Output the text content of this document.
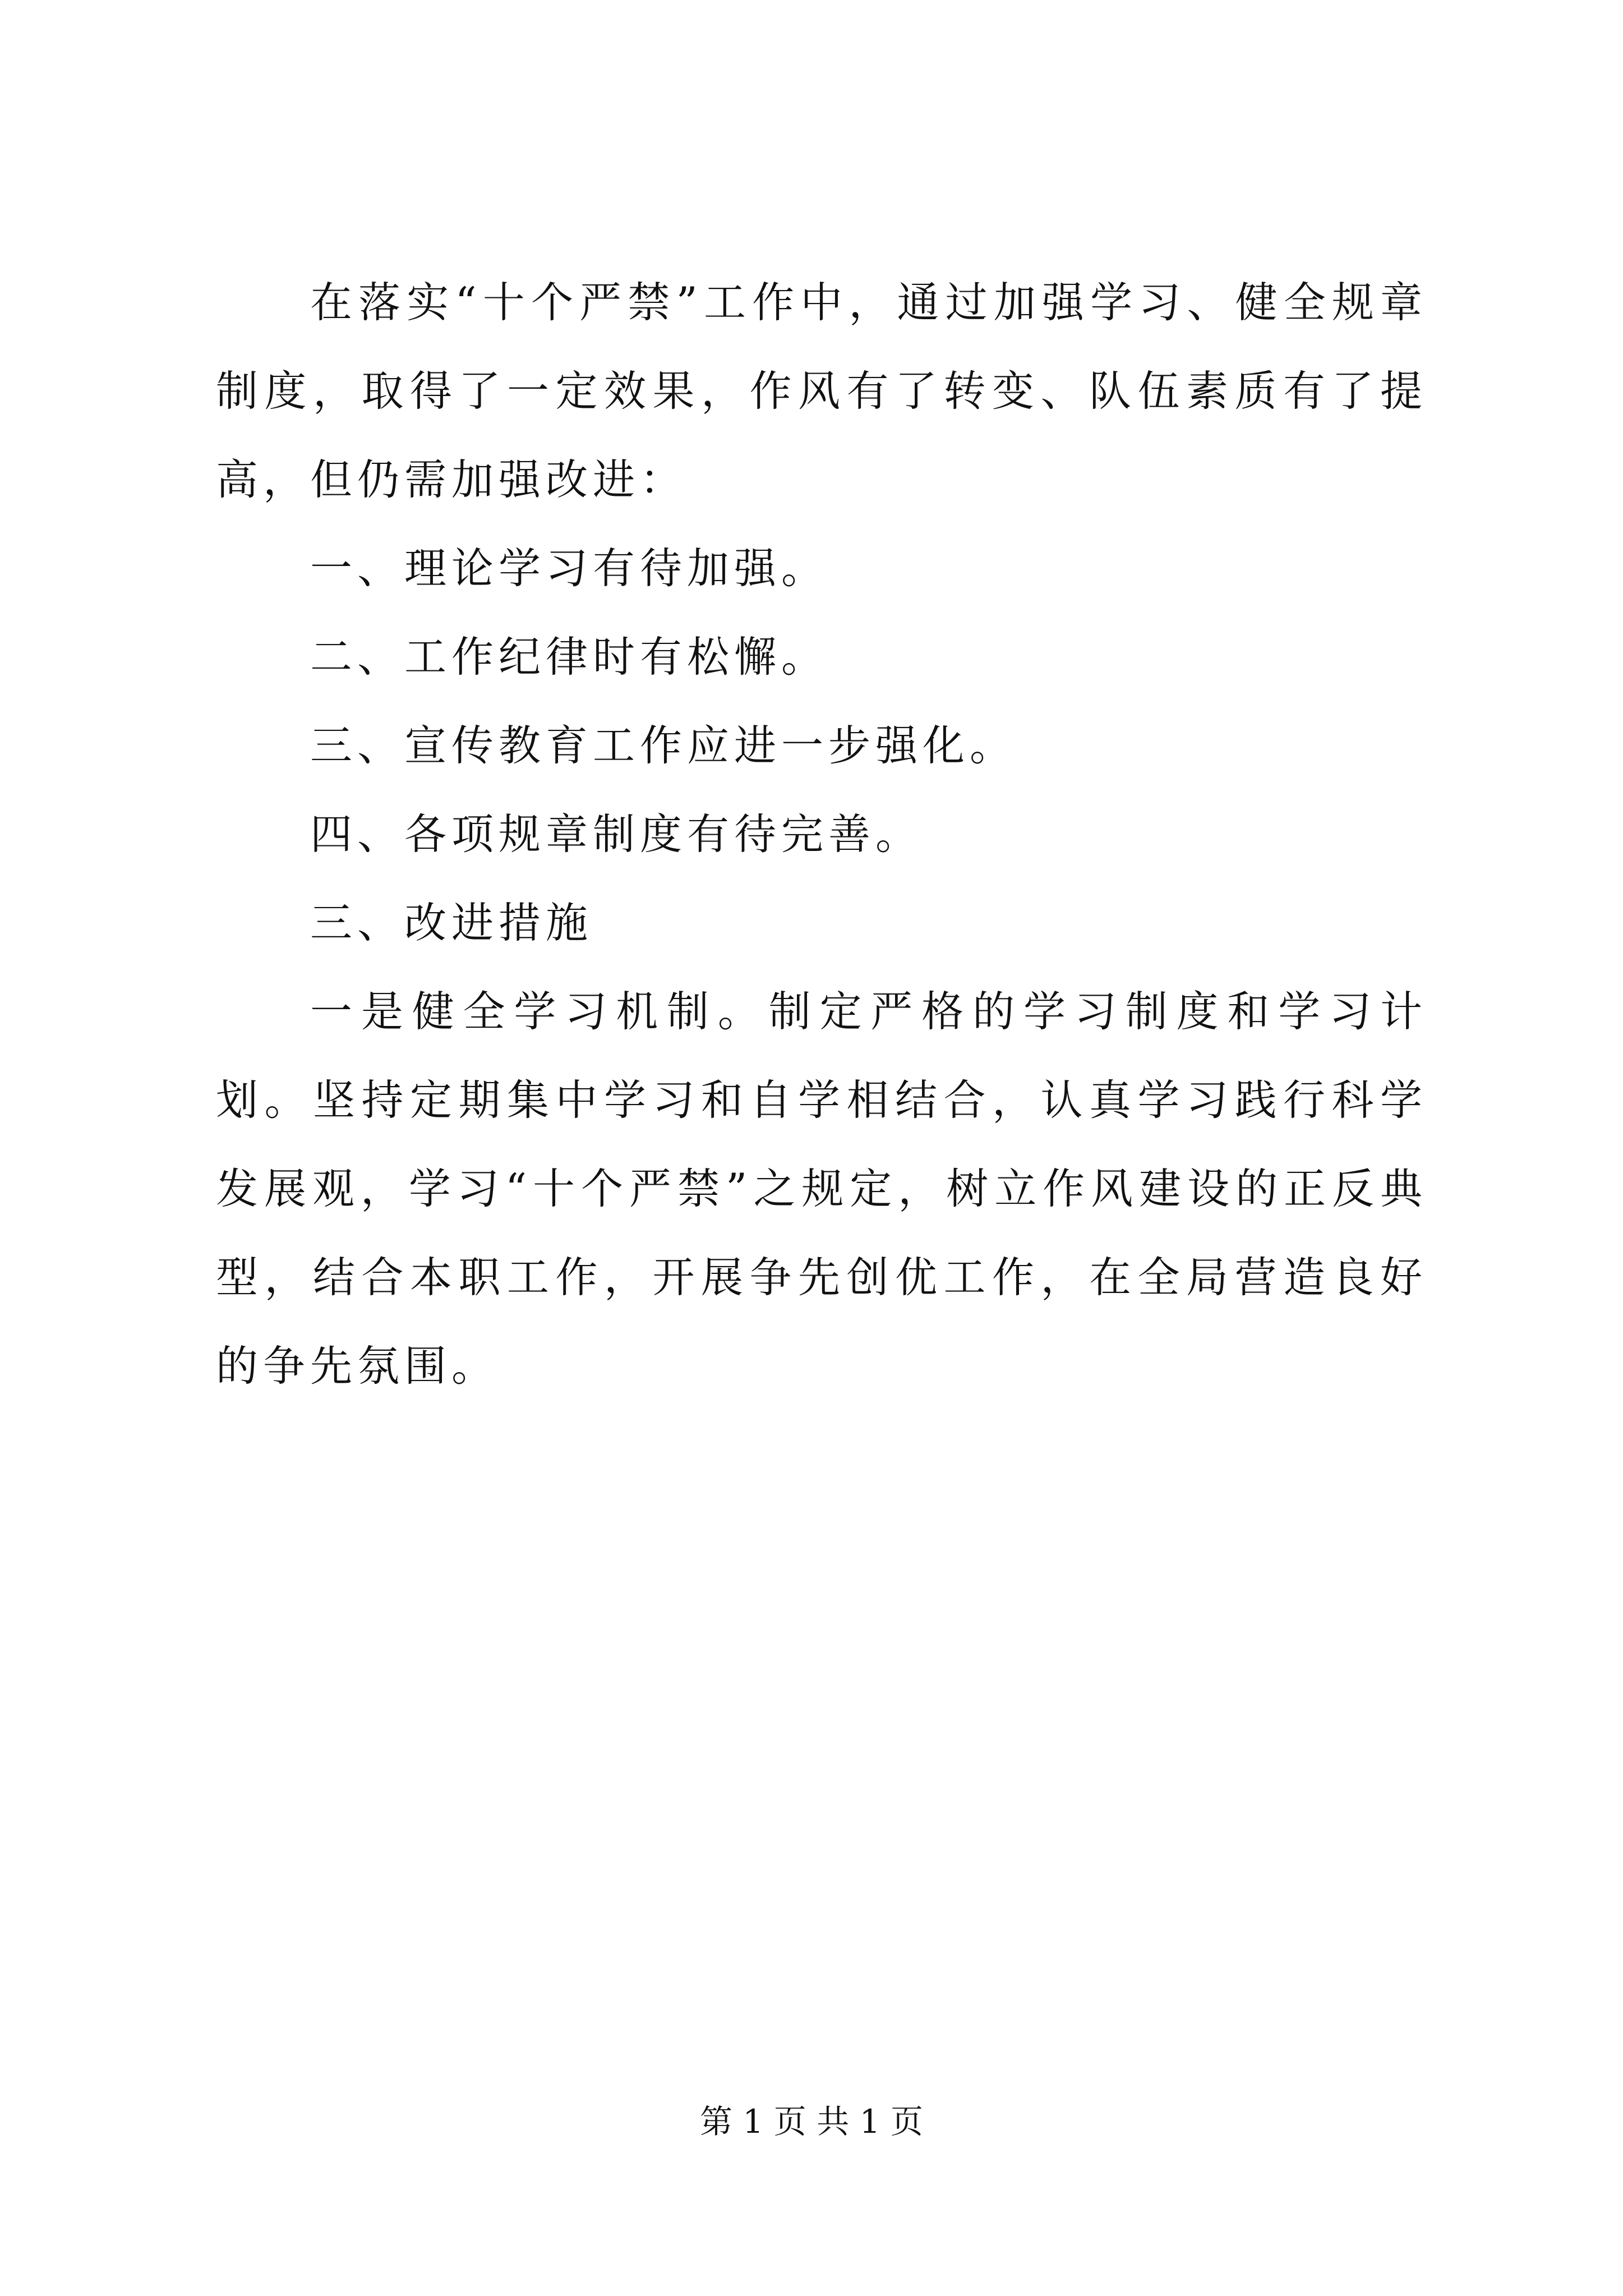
在落实“十个严禁”工作中，通过加强学习、健全规章制度，取得了一定效果，作风有了转变、队伍素质有了提高，但仍需加强改进：

一、理论学习有待加强。

二、工作纪律时有松懈。

三、宣传教育工作应进一步强化。

四、各项规章制度有待完善。

三、改进措施

一是健全学习机制。制定严格的学习制度和学习计划。坚持定期集中学习和自学相结合，认真学习践行科学发展观，学习“十个严禁”之规定，树立作风建设的正反典型，结合本职工作，开展争先创优工作，在全局营造良好的争先氛围。

第 1 页 共 1 页
